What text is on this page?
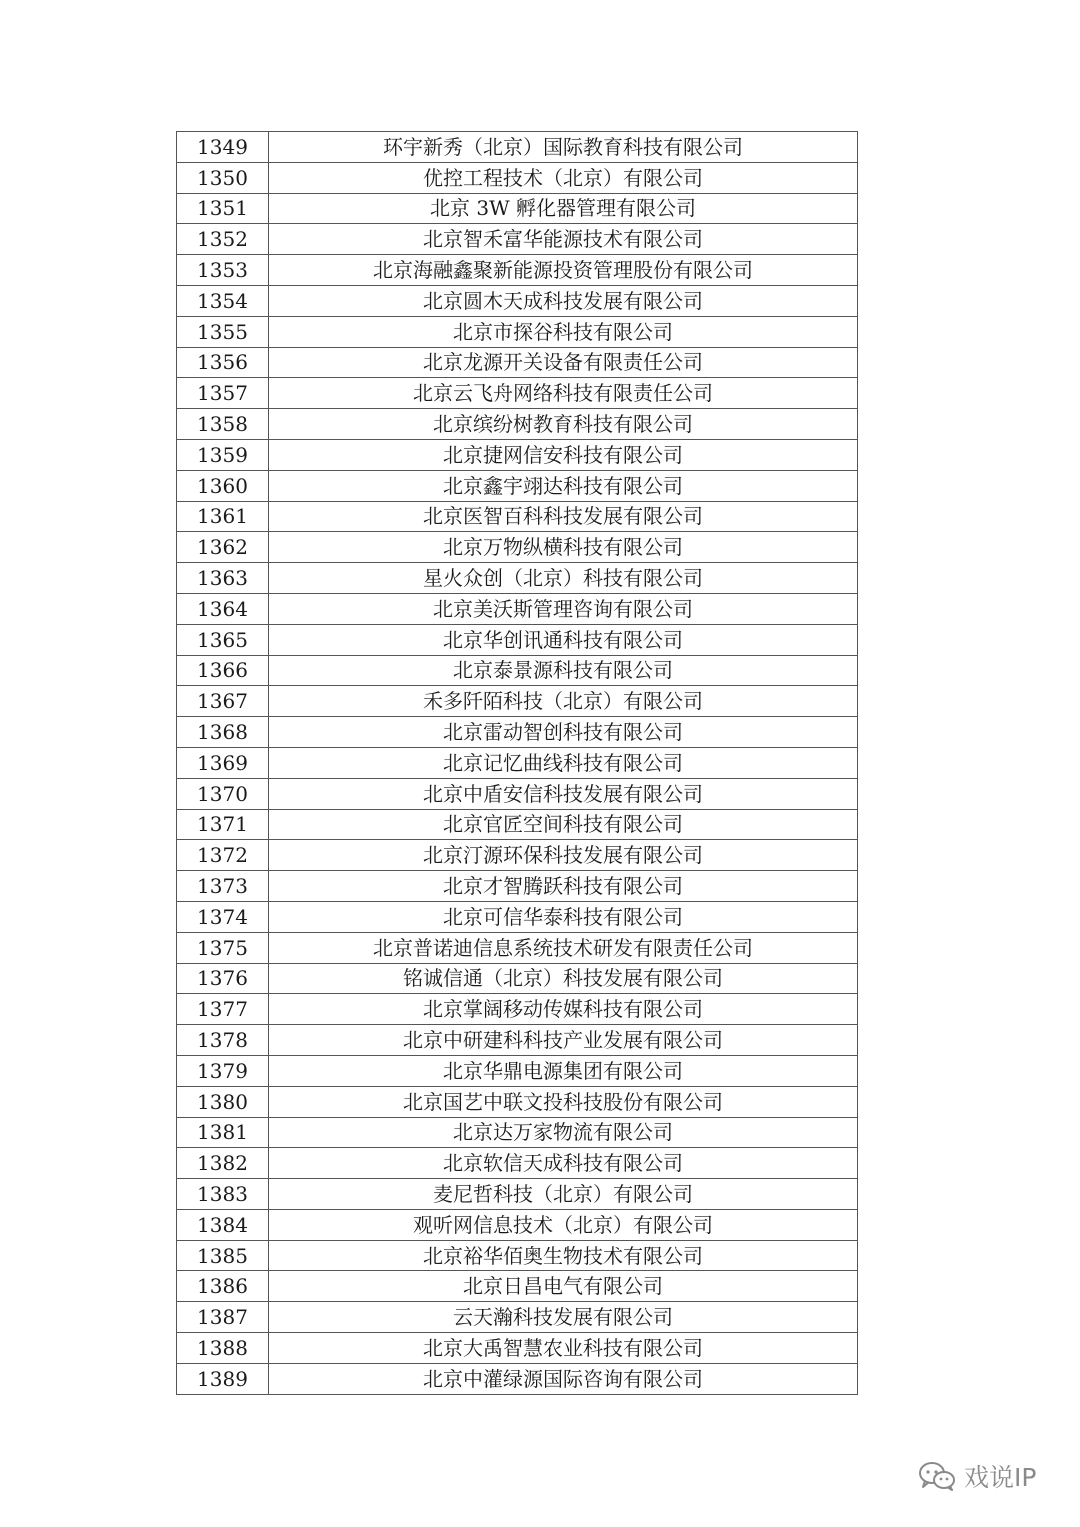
1349	环宇新秀（北京）国际教育科技有限公司
1350	优控工程技术（北京）有限公司
1351	北京 3W 孵化器管理有限公司
1352	北京智禾富华能源技术有限公司
1353	北京海融鑫聚新能源投资管理股份有限公司
1354	北京圆木天成科技发展有限公司
1355	北京市探谷科技有限公司
1356	北京龙源开关设备有限责任公司
1357	北京云飞舟网络科技有限责任公司
1358	北京缤纷树教育科技有限公司
1359	北京捷网信安科技有限公司
1360	北京鑫宇翊达科技有限公司
1361	北京医智百科科技发展有限公司
1362	北京万物纵横科技有限公司
1363	星火众创（北京）科技有限公司
1364	北京美沃斯管理咨询有限公司
1365	北京华创讯通科技有限公司
1366	北京泰景源科技有限公司
1367	禾多阡陌科技（北京）有限公司
1368	北京雷动智创科技有限公司
1369	北京记忆曲线科技有限公司
1370	北京中盾安信科技发展有限公司
1371	北京官匠空间科技有限公司
1372	北京汀源环保科技发展有限公司
1373	北京才智腾跃科技有限公司
1374	北京可信华泰科技有限公司
1375	北京普诺迪信息系统技术研发有限责任公司
1376	铭诚信通（北京）科技发展有限公司
1377	北京掌阔移动传媒科技有限公司
1378	北京中研建科科技产业发展有限公司
1379	北京华鼎电源集团有限公司
1380	北京国艺中联文投科技股份有限公司
1381	北京达万家物流有限公司
1382	北京软信天成科技有限公司
1383	麦尼哲科技（北京）有限公司
1384	观听网信息技术（北京）有限公司
1385	北京裕华佰奥生物技术有限公司
1386	北京日昌电气有限公司
1387	云天瀚科技发展有限公司
1388	北京大禹智慧农业科技有限公司
1389	北京中灌绿源国际咨询有限公司
戏说IP
